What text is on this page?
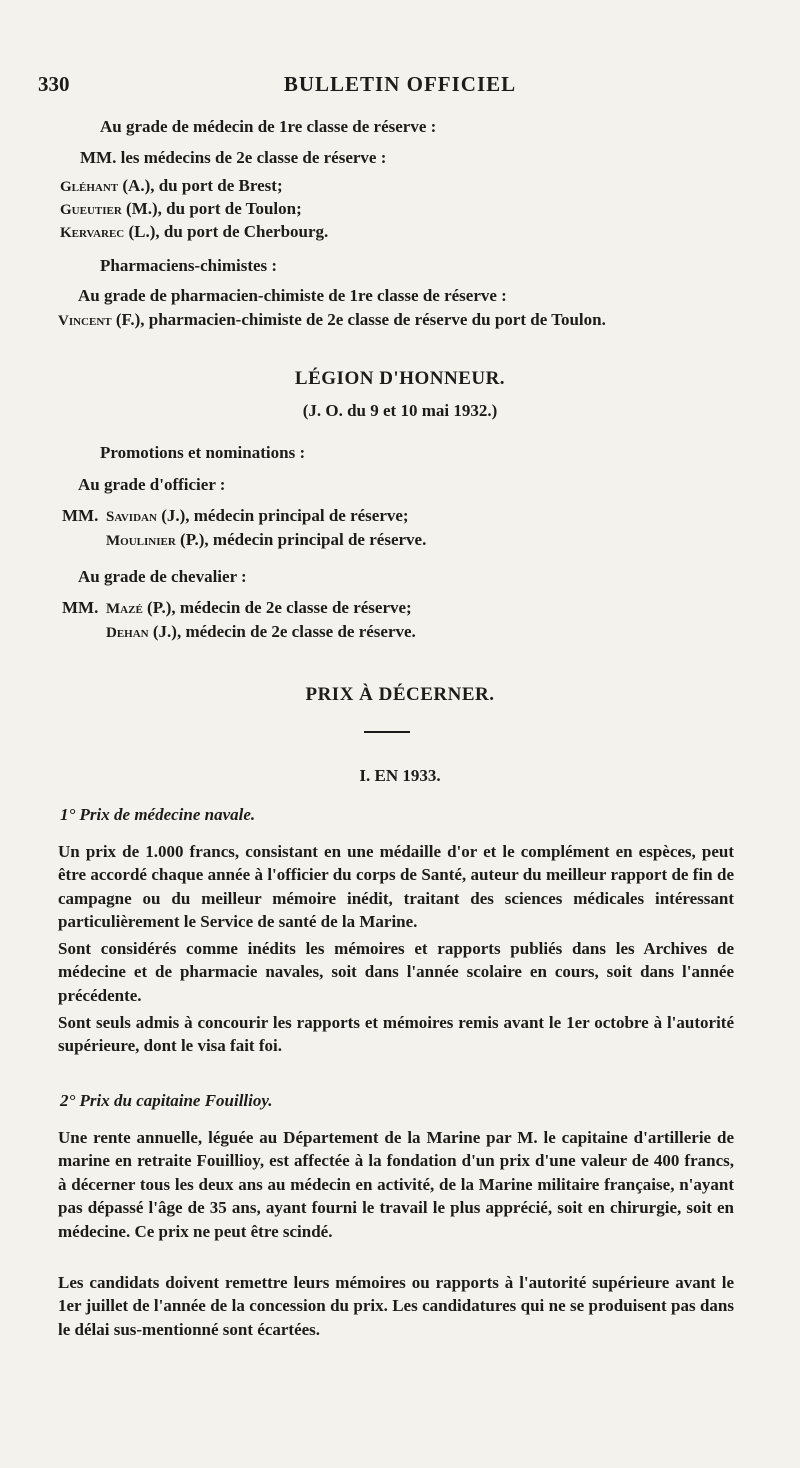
330	BULLETIN OFFICIEL
Au grade de médecin de 1re classe de réserve :
MM. les médecins de 2e classe de réserve :
Gléhant (A.), du port de Brest;
Gueutier (M.), du port de Toulon;
Kervarec (L.), du port de Cherbourg.
Pharmaciens-chimistes :
Au grade de pharmacien-chimiste de 1re classe de réserve :
Vincent (F.), pharmacien-chimiste de 2e classe de réserve du port de Toulon.
LÉGION D'HONNEUR.
(J. O. du 9 et 10 mai 1932.)
Promotions et nominations :
Au grade d'officier :
MM. Savidan (J.), médecin principal de réserve;
Moulinier (P.), médecin principal de réserve.
Au grade de chevalier :
MM. Mazé (P.), médecin de 2e classe de réserve;
Dehan (J.), médecin de 2e classe de réserve.
PRIX À DÉCERNER.
I. EN 1933.
1° Prix de médecine navale.
Un prix de 1.000 francs, consistant en une médaille d'or et le complément en espèces, peut être accordé chaque année à l'officier du corps de Santé, auteur du meilleur rapport de fin de campagne ou du meilleur mémoire inédit, traitant des sciences médicales intéressant particulièrement le Service de santé de la Marine.
Sont considérés comme inédits les mémoires et rapports publiés dans les Archives de médecine et de pharmacie navales, soit dans l'année scolaire en cours, soit dans l'année précédente.
Sont seuls admis à concourir les rapports et mémoires remis avant le 1er octobre à l'autorité supérieure, dont le visa fait foi.
2° Prix du capitaine Fouillioy.
Une rente annuelle, léguée au Département de la Marine par M. le capitaine d'artillerie de marine en retraite Fouillioy, est affectée à la fondation d'un prix d'une valeur de 400 francs, à décerner tous les deux ans au médecin en activité, de la Marine militaire française, n'ayant pas dépassé l'âge de 35 ans, ayant fourni le travail le plus apprécié, soit en chirurgie, soit en médecine. Ce prix ne peut être scindé.
Les candidats doivent remettre leurs mémoires ou rapports à l'autorité supérieure avant le 1er juillet de l'année de la concession du prix. Les candidatures qui ne se produisent pas dans le délai sus-mentionné sont écartées.
